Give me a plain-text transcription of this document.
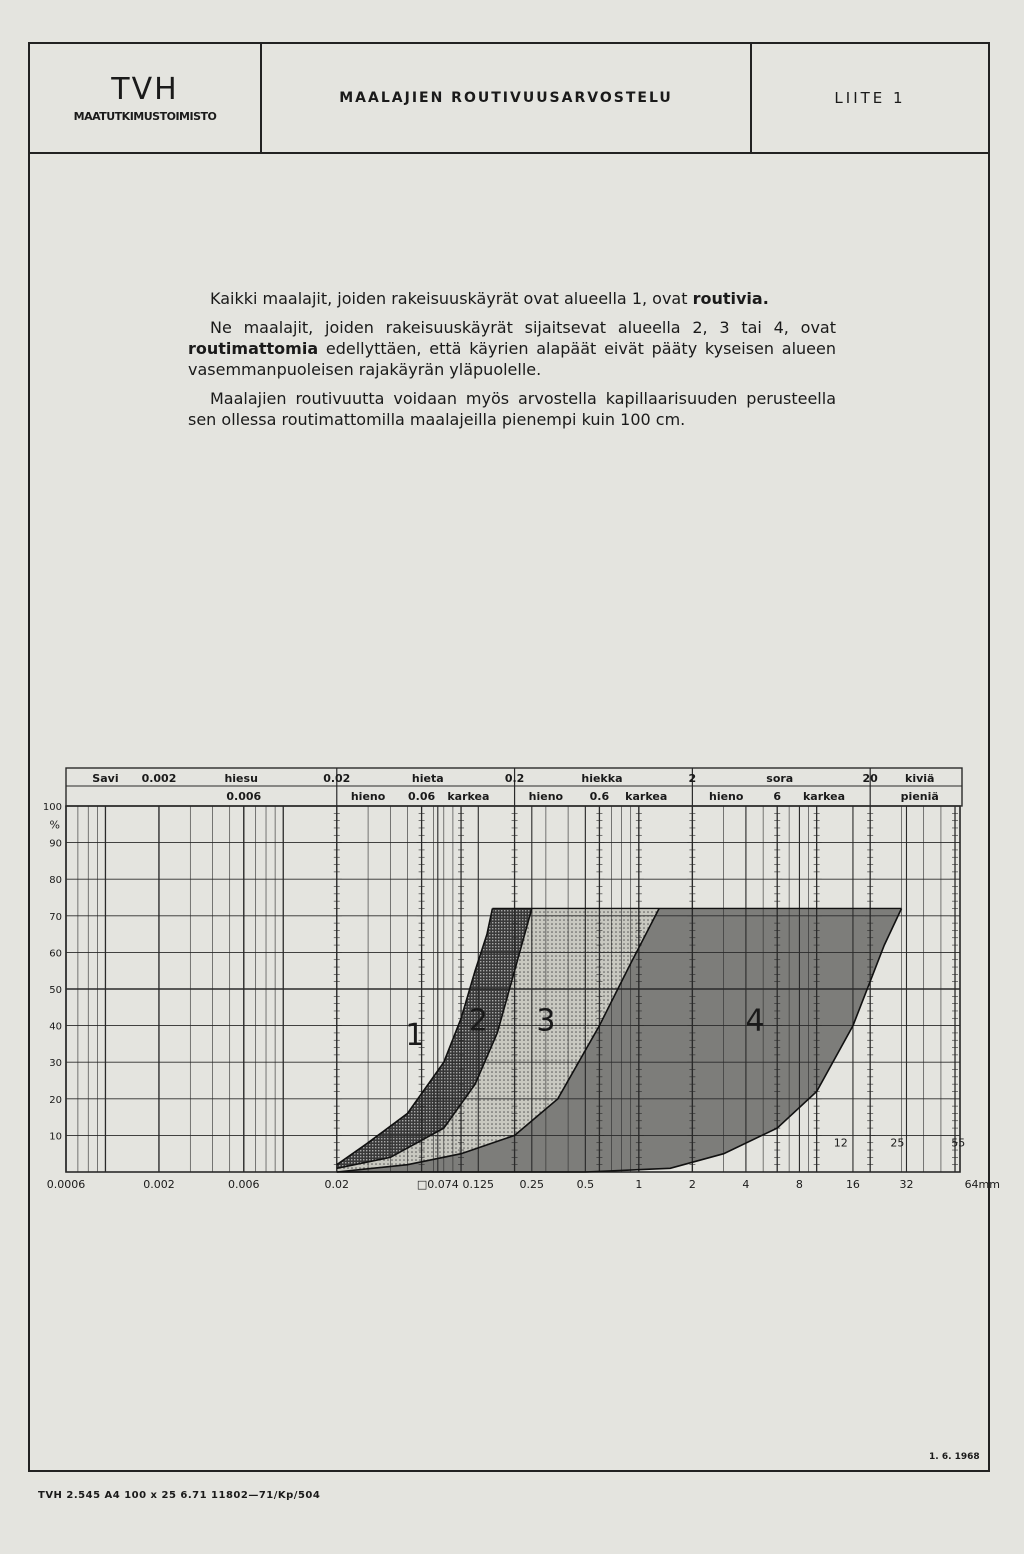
TVH
MAATUTKIMUSTOIMISTO
MAALAJIEN ROUTIVUUSARVOSTELU	LIITE 1

Kaikki maalajit, joiden rakeisuuskäyrät ovat alueella 1, ovat routivia.

Ne maalajit, joiden rakeisuuskäyrät sijaitsevat alueella 2, 3 tai 4, ovat routimattomia edellyttäen, että käyrien alapäät eivät pääty kyseisen alueen vasemmanpuoleisen rajakäyrän yläpuolelle.

Maalajien routivuutta voidaan myös arvostella kapillaarisuuden perusteella sen ollessa routimattomilla maalajeilla pienempi kuin 100 cm.

1 2 3	4
100
90
80
70
60
50
40
30
20
10
%
0.0006	0.002	0.006	0.02	□0.074 0.125 0.25	0.5	1	2	4	8	16	32	64mm
12	25	55
Savi 0.002	hiesu	0.02	hieta	0.2	hiekka	2	sora	20 kiviä
0.006	hieno 0.06 karkea	hieno 0.6 karkea	hieno	6 karkea	pieniä
1. 6. 1968
TVH 2.545 A4 100 x 25 6.71 11802—71/Kp/504
